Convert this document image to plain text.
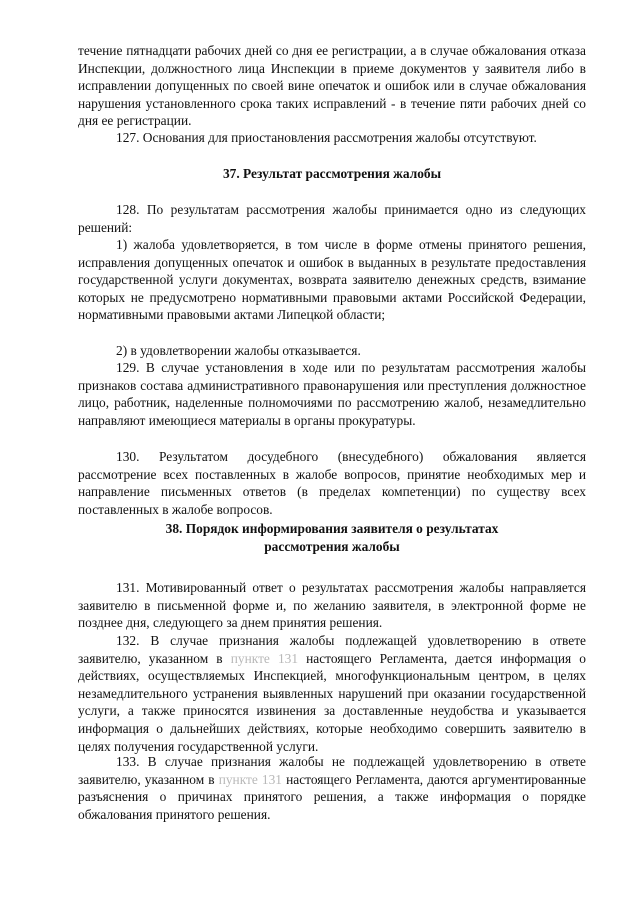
течение пятнадцати рабочих дней со дня ее регистрации, а в случае обжалования отказа Инспекции, должностного лица Инспекции в приеме документов у заявителя либо в исправлении допущенных по своей вине опечаток и ошибок или в случае обжалования нарушения установленного срока таких исправлений - в течение пяти рабочих дней со дня ее регистрации.

127. Основания для приостановления рассмотрения жалобы отсутствуют.

37. Результат рассмотрения жалобы

128. По результатам рассмотрения жалобы принимается одно из следующих решений:

1) жалоба удовлетворяется, в том числе в форме отмены принятого решения, исправления допущенных опечаток и ошибок в выданных в результате предоставления государственной услуги документах, возврата заявителю денежных средств, взимание которых не предусмотрено нормативными правовыми актами Российской Федерации, нормативными правовыми актами Липецкой области;

2) в удовлетворении жалобы отказывается.

129. В случае установления в ходе или по результатам рассмотрения жалобы признаков состава административного правонарушения или преступления должностное лицо, работник, наделенные полномочиями по рассмотрению жалоб, незамедлительно направляют имеющиеся материалы в органы прокуратуры.

130. Результатом досудебного (внесудебного) обжалования является рассмотрение всех поставленных в жалобе вопросов, принятие необходимых мер и направление письменных ответов (в пределах компетенции) по существу всех поставленных в жалобе вопросов.

38. Порядок информирования заявителя о результатах
рассмотрения жалобы

131. Мотивированный ответ о результатах рассмотрения жалобы направляется заявителю в письменной форме и, по желанию заявителя, в электронной форме не позднее дня, следующего за днем принятия решения.

132. В случае признания жалобы подлежащей удовлетворению в ответе заявителю, указанном в пункте 131 настоящего Регламента, дается информация о действиях, осуществляемых Инспекцией, многофункциональным центром, в целях незамедлительного устранения выявленных нарушений при оказании государственной услуги, а также приносятся извинения за доставленные неудобства и указывается информация о дальнейших действиях, которые необходимо совершить заявителю в целях получения государственной услуги.

133. В случае признания жалобы не подлежащей удовлетворению в ответе заявителю, указанном в пункте 131 настоящего Регламента, даются аргументированные разъяснения о причинах принятого решения, а также информация о порядке обжалования принятого решения.
